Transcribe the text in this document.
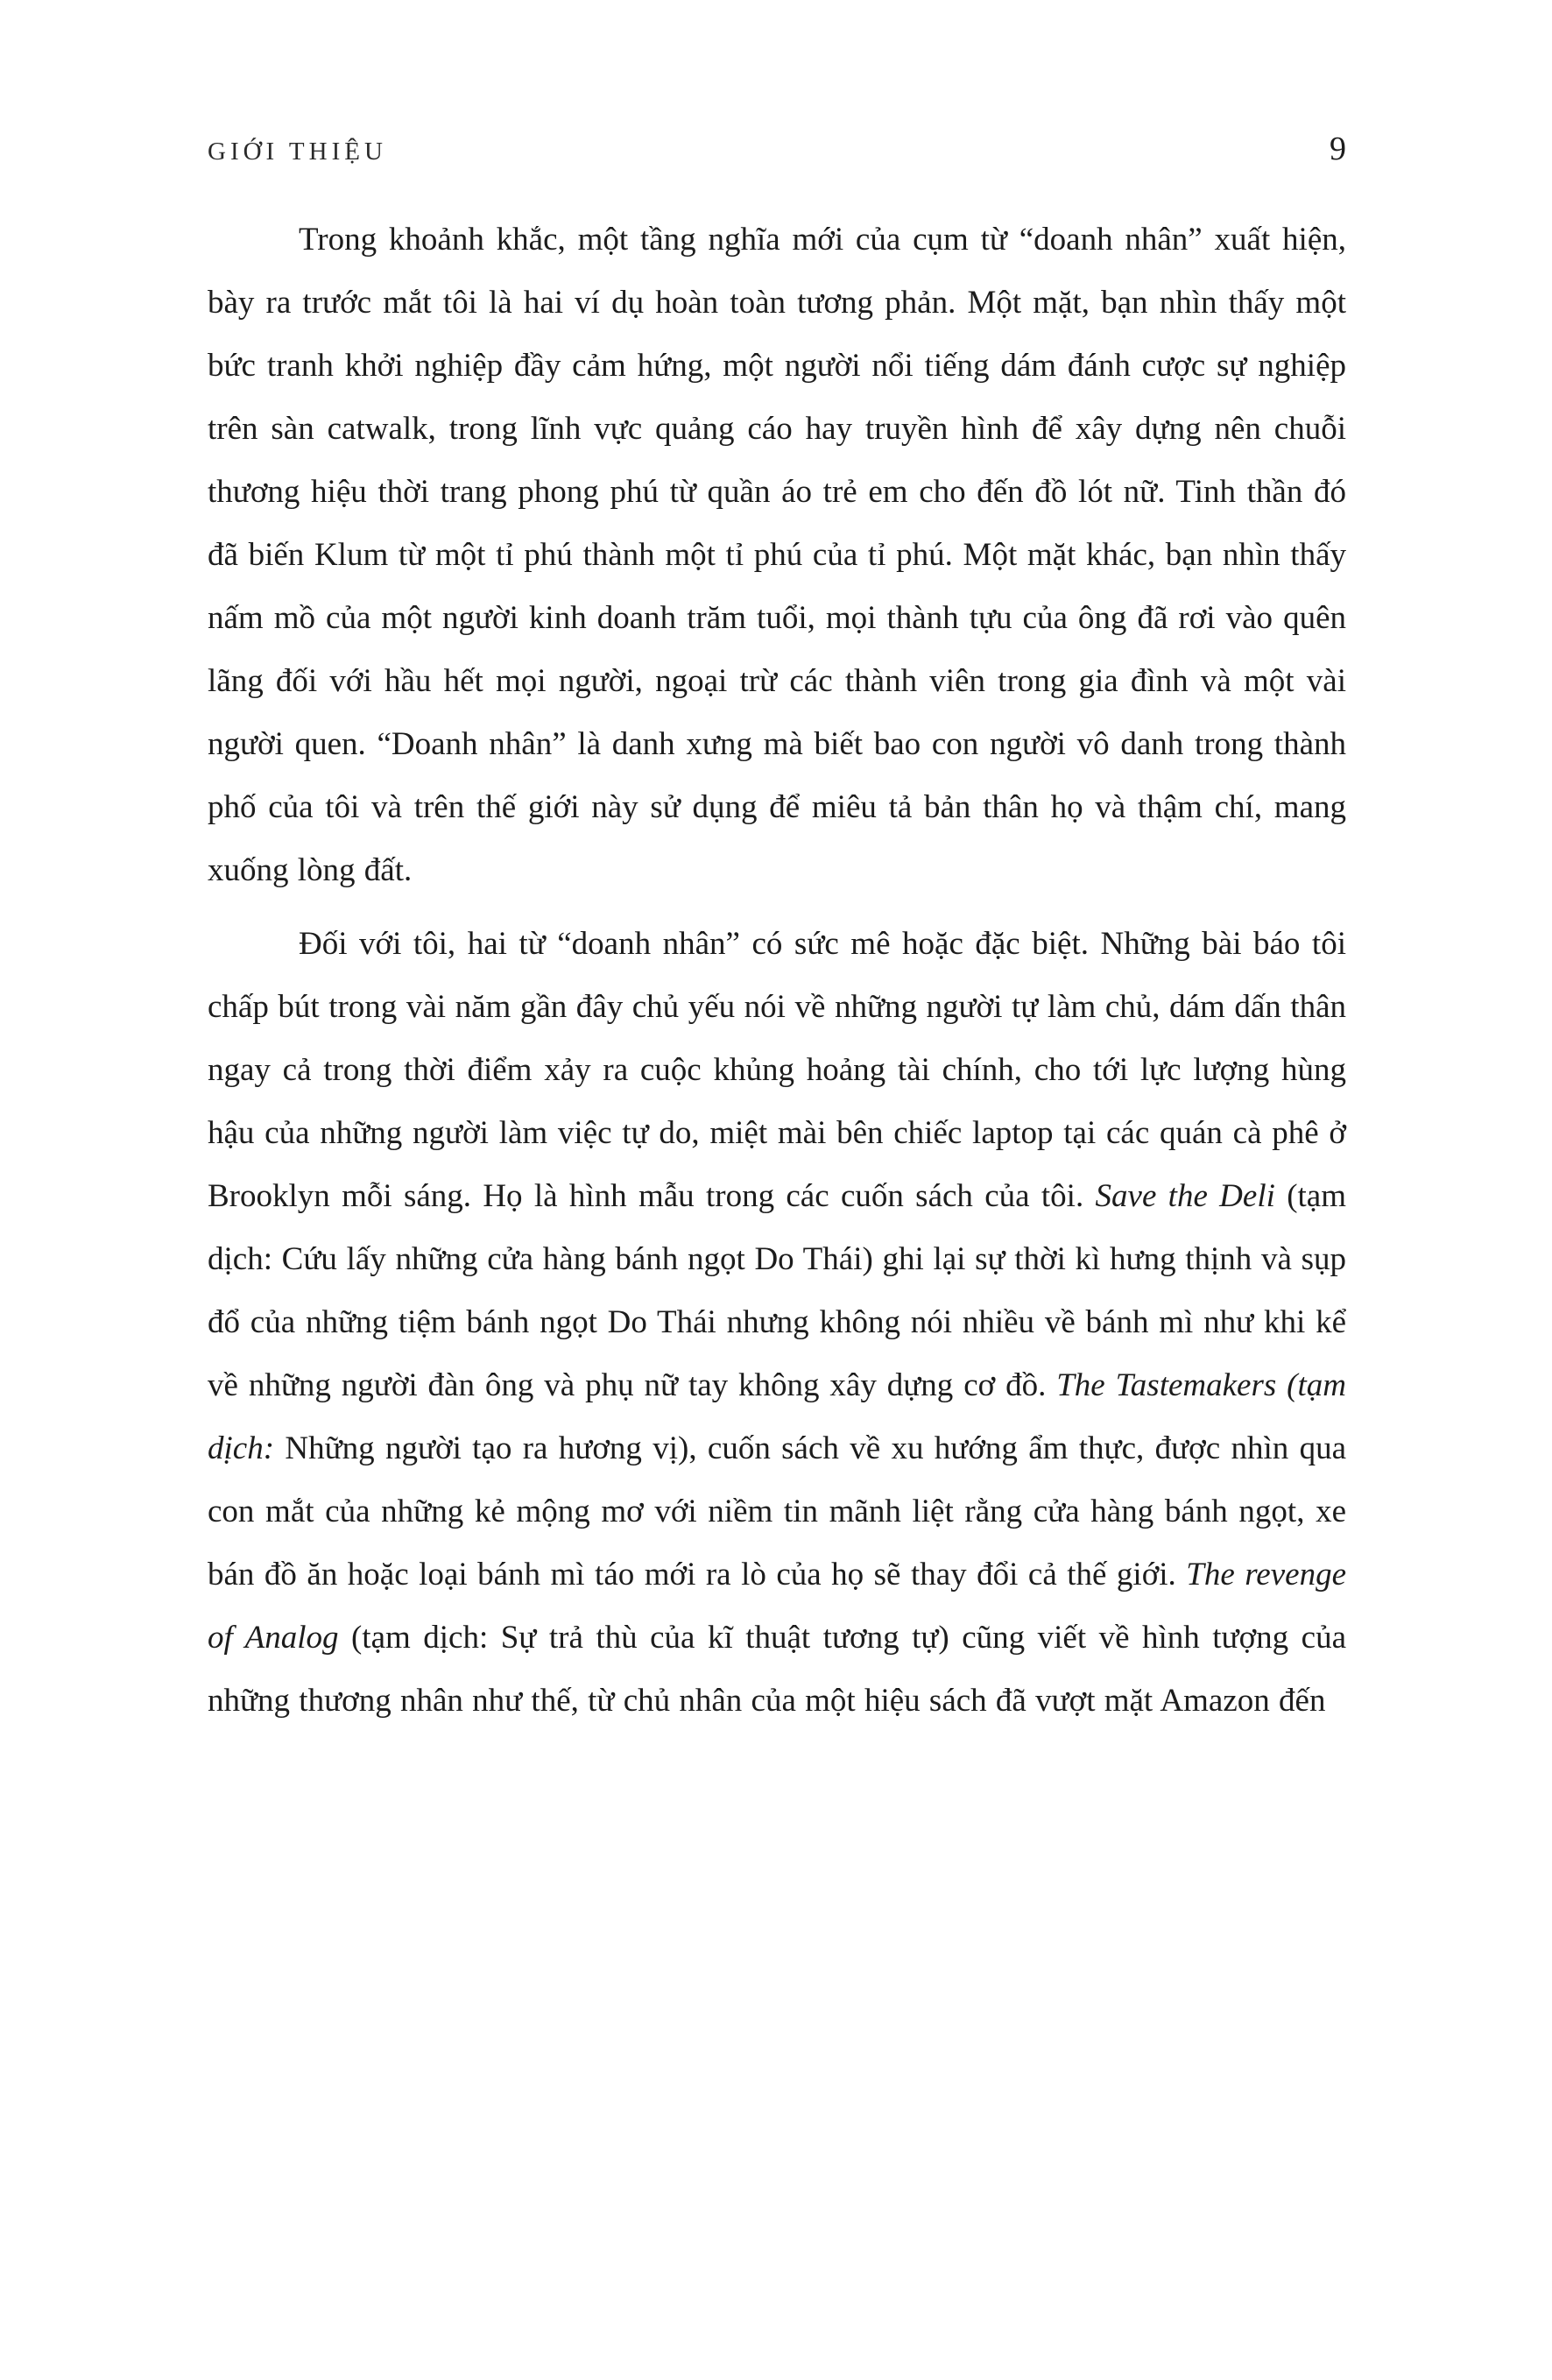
GIỚI THIỆU	9

Trong khoảnh khắc, một tầng nghĩa mới của cụm từ “doanh nhân” xuất hiện, bày ra trước mắt tôi là hai ví dụ hoàn toàn tương phản. Một mặt, bạn nhìn thấy một bức tranh khởi nghiệp đầy cảm hứng, một người nổi tiếng dám đánh cược sự nghiệp trên sàn catwalk, trong lĩnh vực quảng cáo hay truyền hình để xây dựng nên chuỗi thương hiệu thời trang phong phú từ quần áo trẻ em cho đến đồ lót nữ. Tinh thần đó đã biến Klum từ một tỉ phú thành một tỉ phú của tỉ phú. Một mặt khác, bạn nhìn thấy nấm mồ của một người kinh doanh trăm tuổi, mọi thành tựu của ông đã rơi vào quên lãng đối với hầu hết mọi người, ngoại trừ các thành viên trong gia đình và một vài người quen. “Doanh nhân” là danh xưng mà biết bao con người vô danh trong thành phố của tôi và trên thế giới này sử dụng để miêu tả bản thân họ và thậm chí, mang xuống lòng đất.

Đối với tôi, hai từ “doanh nhân” có sức mê hoặc đặc biệt. Những bài báo tôi chấp bút trong vài năm gần đây chủ yếu nói về những người tự làm chủ, dám dấn thân ngay cả trong thời điểm xảy ra cuộc khủng hoảng tài chính, cho tới lực lượng hùng hậu của những người làm việc tự do, miệt mài bên chiếc laptop tại các quán cà phê ở Brooklyn mỗi sáng. Họ là hình mẫu trong các cuốn sách của tôi. Save the Deli (tạm dịch: Cứu lấy những cửa hàng bánh ngọt Do Thái) ghi lại sự thời kì hưng thịnh và sụp đổ của những tiệm bánh ngọt Do Thái nhưng không nói nhiều về bánh mì như khi kể về những người đàn ông và phụ nữ tay không xây dựng cơ đồ. The Tastemakers (tạm dịch: Những người tạo ra hương vị), cuốn sách về xu hướng ẩm thực, được nhìn qua con mắt của những kẻ mộng mơ với niềm tin mãnh liệt rằng cửa hàng bánh ngọt, xe bán đồ ăn hoặc loại bánh mì táo mới ra lò của họ sẽ thay đổi cả thế giới. The revenge of Analog (tạm dịch: Sự trả thù của kĩ thuật tương tự) cũng viết về hình tượng của những thương nhân như thế, từ chủ nhân của một hiệu sách đã vượt mặt Amazon đến
